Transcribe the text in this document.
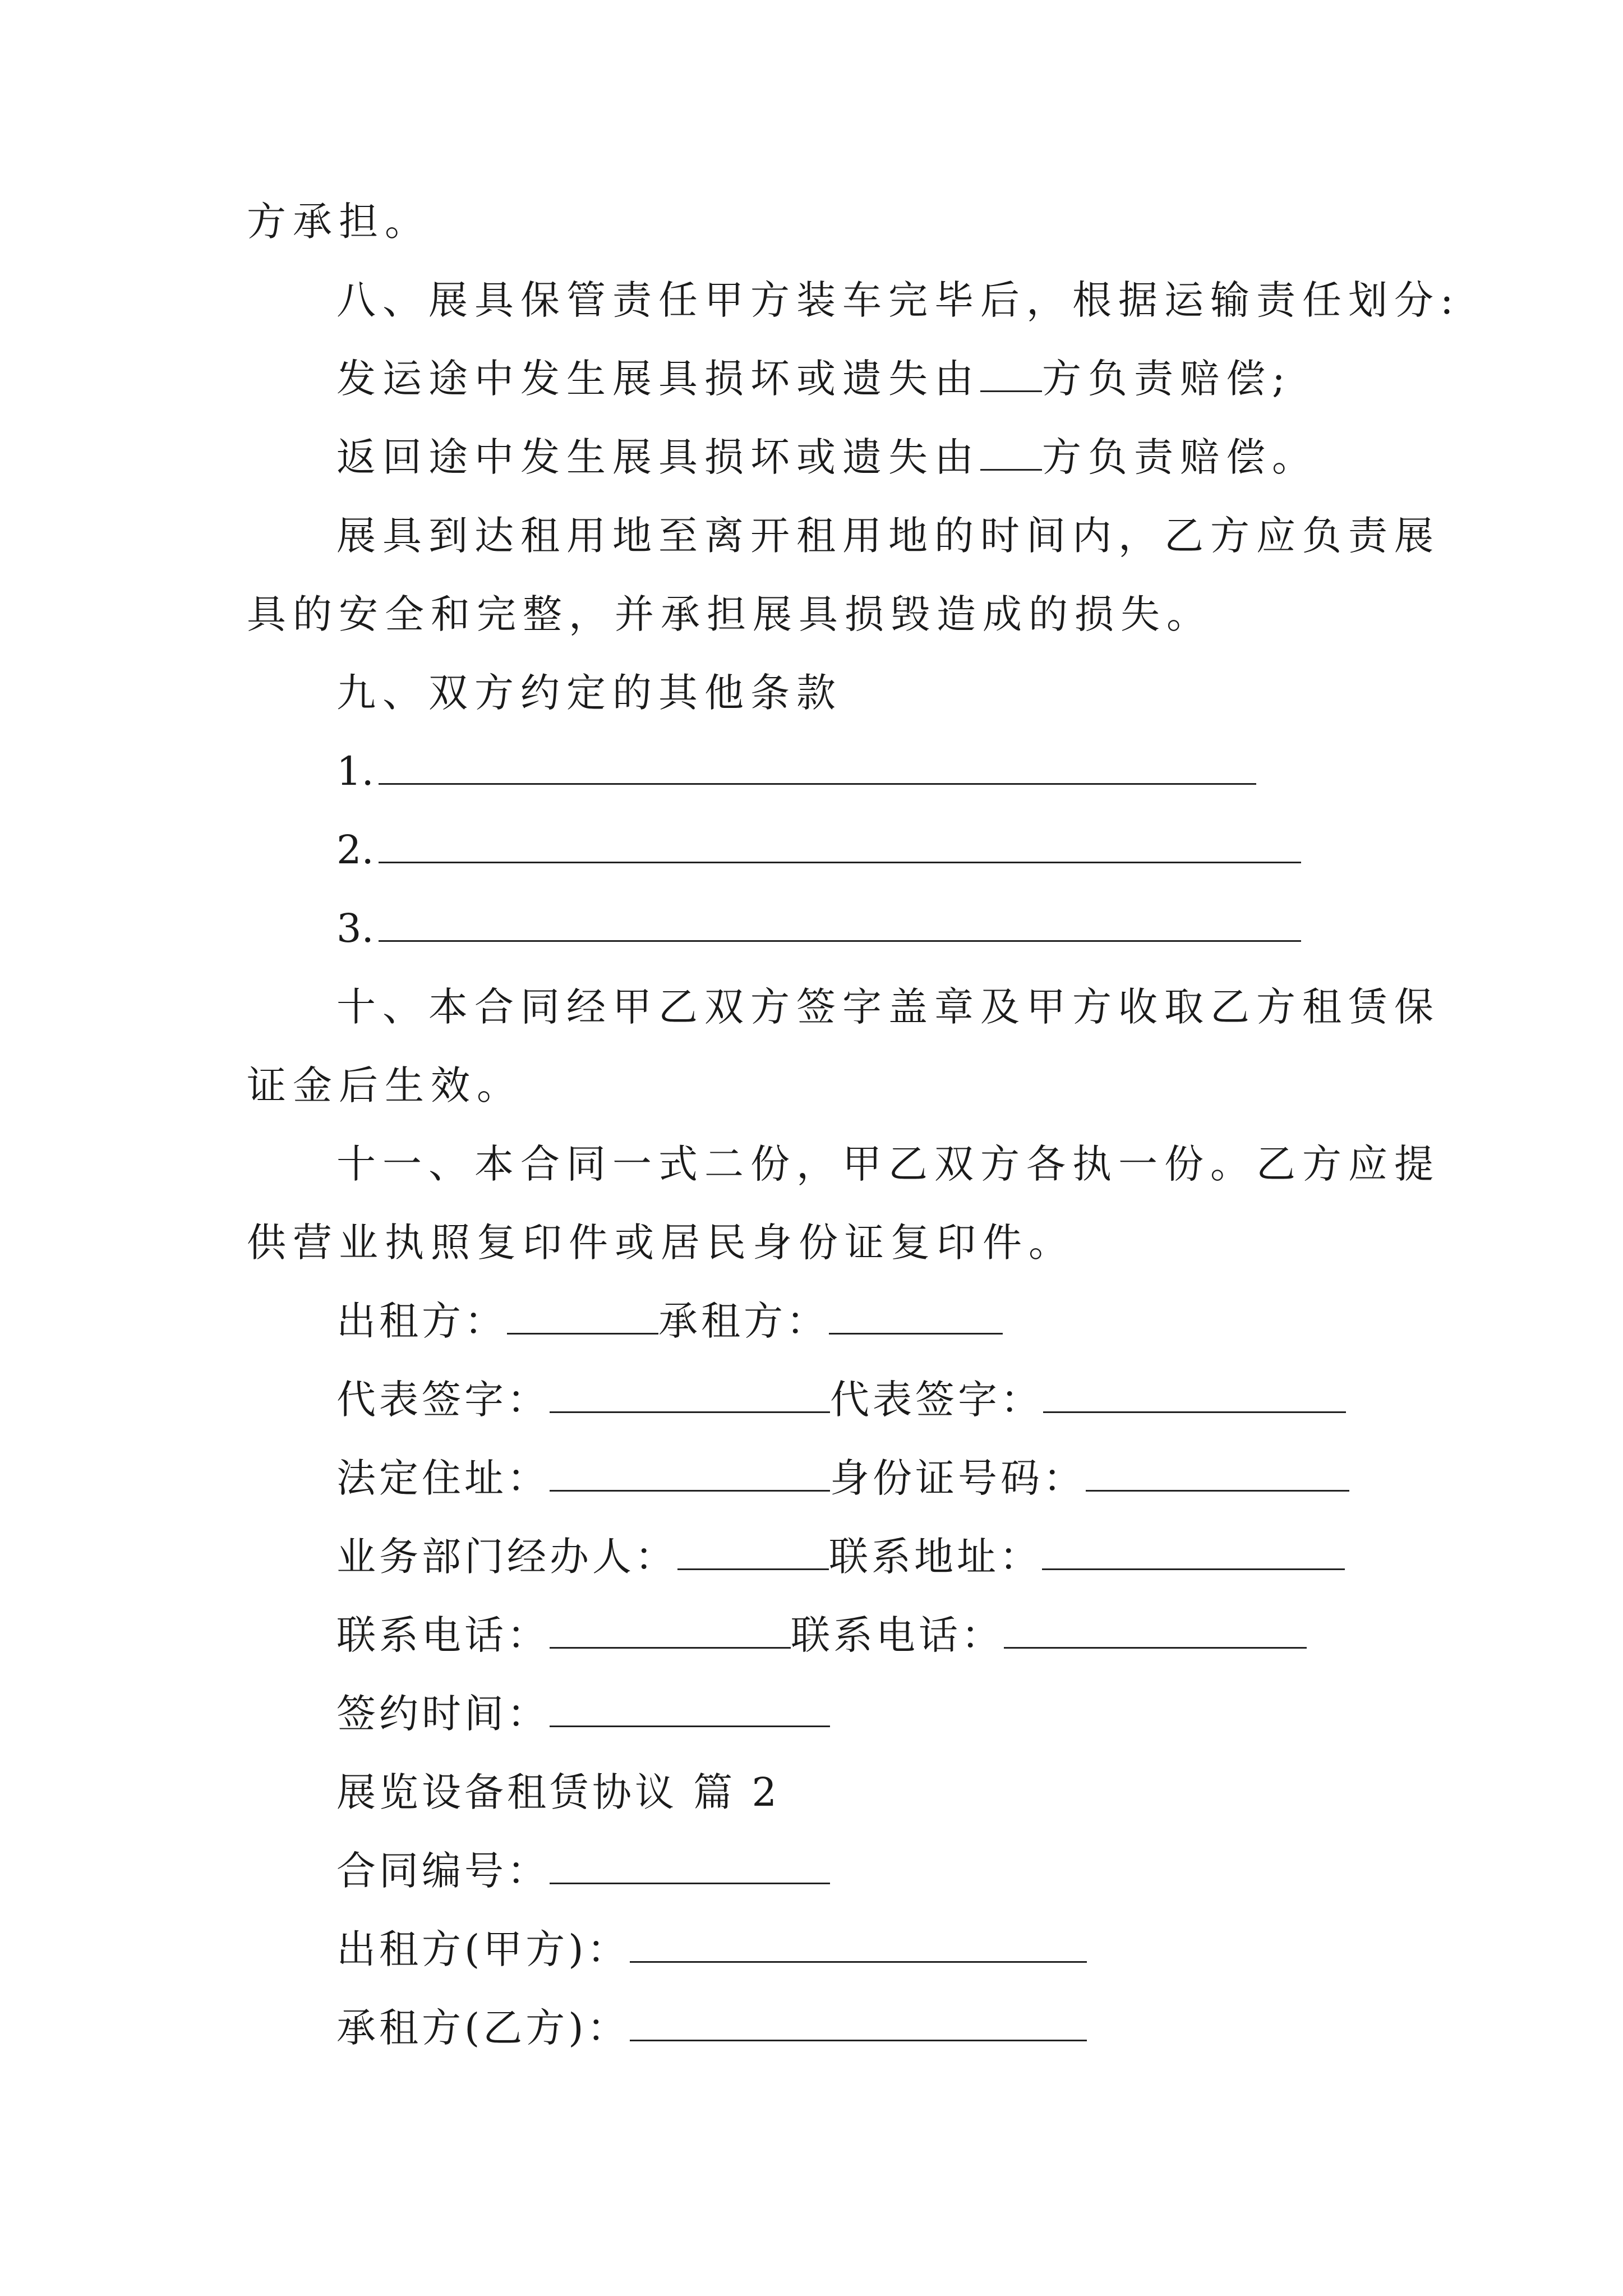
方承担。
八、展具保管责任甲方装车完毕后，根据运输责任划分:
发运途中发生展具损坏或遗失由 方负责赔偿;
返回途中发生展具损坏或遗失由 方负责赔偿。
展具到达租用地至离开租用地的时间内，乙方应负责展
具的安全和完整，并承担展具损毁造成的损失。
九、双方约定的其他条款
1.
2.
3.
十、本合同经甲乙双方签字盖章及甲方收取乙方租赁保
证金后生效。
十一、本合同一式二份，甲乙双方各执一份。乙方应提
供营业执照复印件或居民身份证复印件。
出租方：	承租方：
代表签字：	代表签字：
法定住址：	身份证号码：
业务部门经办人：	联系地址：
联系电话：	联系电话：
签约时间：
展览设备租赁协议 篇 2
合同编号：
出租方(甲方)：
承租方(乙方)：
